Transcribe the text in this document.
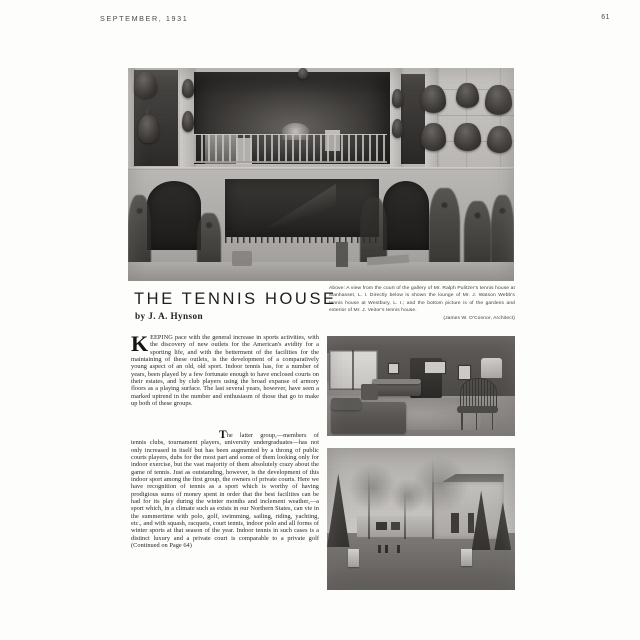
SEPTEMBER, 1931	61
Above: A view from the court of the gallery of Mr. Ralph Pulitzer's tennis house at Manhasset, L. I. Directly below is shown the lounge of Mr. J. Watson Webb's tennis house at Westbury, L. I.; and the bottom picture is of the gardens and exterior of Mr. J. Veitor's tennis house.
(James W. O'Connor, Architect)
THE TENNIS HOUSE
by J. A. Hynson
KEEPING pace with the general increase in sports activities, with the discovery of new outlets for the American's avidity for a sporting life, and with the betterment of the facilities for the maintaining of these outlets, is the development of a comparatively young aspect of an old, old sport. Indoor tennis has, for a number of years, been played by a few fortunate enough to have enclosed courts on their estates, and by club players using the broad expanse of armory floors as a playing surface. The last several years, however, have seen a marked uptrend in the number and enthusiasm of those that go to make up both of these groups.
The latter group,—members of tennis clubs, tournament players, university undergraduates—has not only increased in itself but has been augmented by a throng of public courts players, dubs for the most part and some of them looking only for indoor exercise, but the vast majority of them absolutely crazy about the game of tennis. Just as outstanding, however, is the development of this indoor sport among the first group, the owners of private courts. Here we have recognition of tennis as a sport which is worthy of having prodigious sums of money spent in order that the best facilities can be had for its play during the winter months and inclement weather,—a sport which, in a climate such as exists in our Northern States, can vie in the summertime with polo, golf, swimming, sailing, riding, yachting, etc., and with squash, racquets, court tennis, indoor polo and all forms of winter sports at that season of the year. Indoor tennis in such cases is a distinct luxury and a private court is comparable to a private golf (Continued on Page 64)
